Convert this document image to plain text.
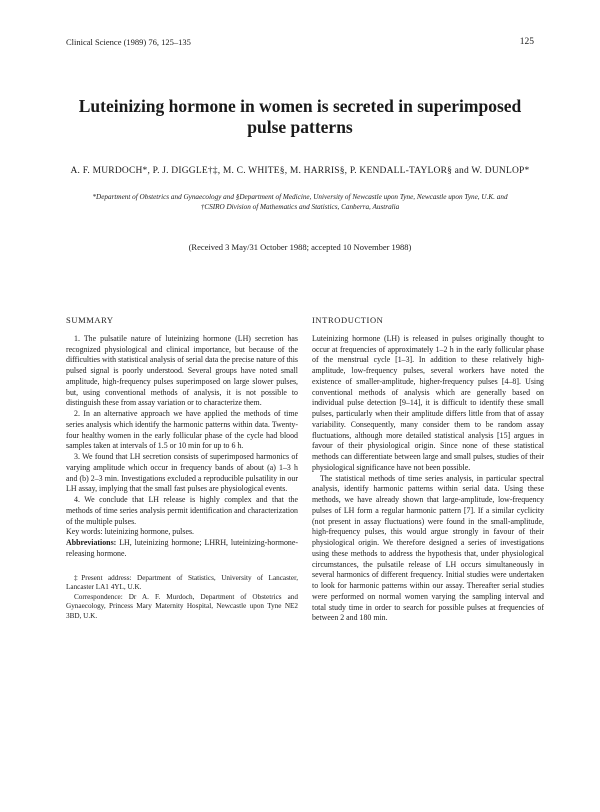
Clinical Science (1989) 76, 125–135	125
Luteinizing hormone in women is secreted in superimposed pulse patterns
A. F. MURDOCH*, P. J. DIGGLE†‡, M. C. WHITE§, M. HARRIS§, P. KENDALL-TAYLOR§ and W. DUNLOP*
*Department of Obstetrics and Gynaecology and §Department of Medicine, University of Newcastle upon Tyne, Newcastle upon Tyne, U.K. and †CSIRO Division of Mathematics and Statistics, Canberra, Australia
(Received 3 May/31 October 1988; accepted 10 November 1988)
SUMMARY

1. The pulsatile nature of luteinizing hormone (LH) secretion has recognized physiological and clinical importance, but because of the difficulties with statistical analysis of serial data the precise nature of this pulsed signal is poorly understood. Several groups have noted small amplitude, high-frequency pulses superimposed on large slower pulses, but, using conventional methods of analysis, it is not possible to distinguish these from assay variation or to characterize them.

2. In an alternative approach we have applied the methods of time series analysis which identify the harmonic patterns within data. Twenty-four healthy women in the early follicular phase of the cycle had blood samples taken at intervals of 1.5 or 10 min for up to 6 h.

3. We found that LH secretion consists of superimposed harmonics of varying amplitude which occur in frequency bands of about (a) 1–3 h and (b) 2–3 min. Investigations excluded a reproducible pulsatility in our LH assay, implying that the small fast pulses are physiological events.

4. We conclude that LH release is highly complex and that the methods of time series analysis permit identification and characterization of the multiple pulses.

Key words: luteinizing hormone, pulses.

Abbreviations: LH, luteinizing hormone; LHRH, luteinizing-hormone-releasing hormone.

‡Present address: Department of Statistics, University of Lancaster, Lancaster LA1 4YL, U.K.

Correspondence: Dr A. F. Murdoch, Department of Obstetrics and Gynaecology, Princess Mary Maternity Hospital, Newcastle upon Tyne NE2 3BD, U.K.

INTRODUCTION

Luteinizing hormone (LH) is released in pulses originally thought to occur at frequencies of approximately 1–2 h in the early follicular phase of the menstrual cycle [1–3]. In addition to these relatively high-amplitude, low-frequency pulses, several workers have noted the existence of smaller-amplitude, higher-frequency pulses [4–8]. Using conventional methods of analysis which are generally based on individual pulse detection [9–14], it is difficult to identify these small pulses, particularly when their amplitude differs little from that of assay variability. Consequently, many consider them to be random assay fluctuations, although more detailed statistical analysis [15] argues in favour of their physiological origin. Since none of these statistical methods can differentiate between large and small pulses, studies of their physiological significance have not been possible.

The statistical methods of time series analysis, in particular spectral analysis, identify harmonic patterns within serial data. Using these methods, we have already shown that large-amplitude, low-frequency pulses of LH form a regular harmonic pattern [7]. If a similar cyclicity (not present in assay fluctuations) were found in the small-amplitude, high-frequency pulses, this would argue strongly in favour of their physiological origin. We therefore designed a series of investigations using these methods to address the hypothesis that, under physiological circumstances, the pulsatile release of LH occurs simultaneously in several harmonics of different frequency. Initial studies were undertaken to look for harmonic patterns within our assay. Thereafter serial studies were performed on normal women varying the sampling interval and total study time in order to search for possible pulses at frequencies of between 2 and 180 min.
